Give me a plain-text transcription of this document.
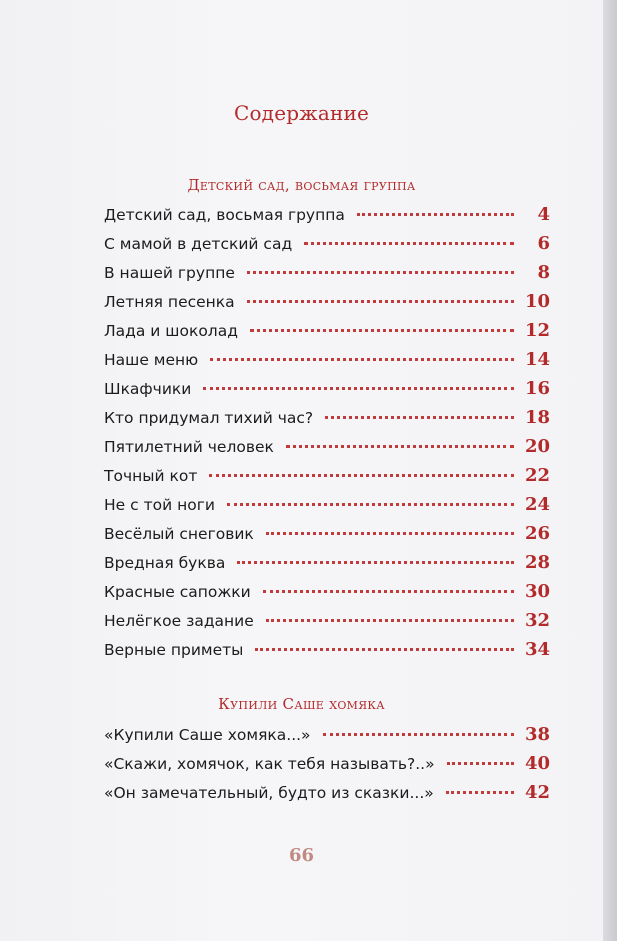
Содержание
Детский сад, восьмая группа
Детский сад, восьмая группа	4
С мамой в детский сад	6
В нашей группе	8
Летняя песенка	10
Лада и шоколад	12
Наше меню	14
Шкафчики	16
Кто придумал тихий час?	18
Пятилетний человек	20
Точный кот	22
Не с той ноги	24
Весёлый снеговик	26
Вредная буква	28
Красные сапожки	30
Нелёгкое задание	32
Верные приметы	34
Купили Саше хомяка
«Купили Саше хомяка...»	38
«Скажи, хомячок, как тебя называть?..»	40
«Он замечательный, будто из сказки...»	42
66
